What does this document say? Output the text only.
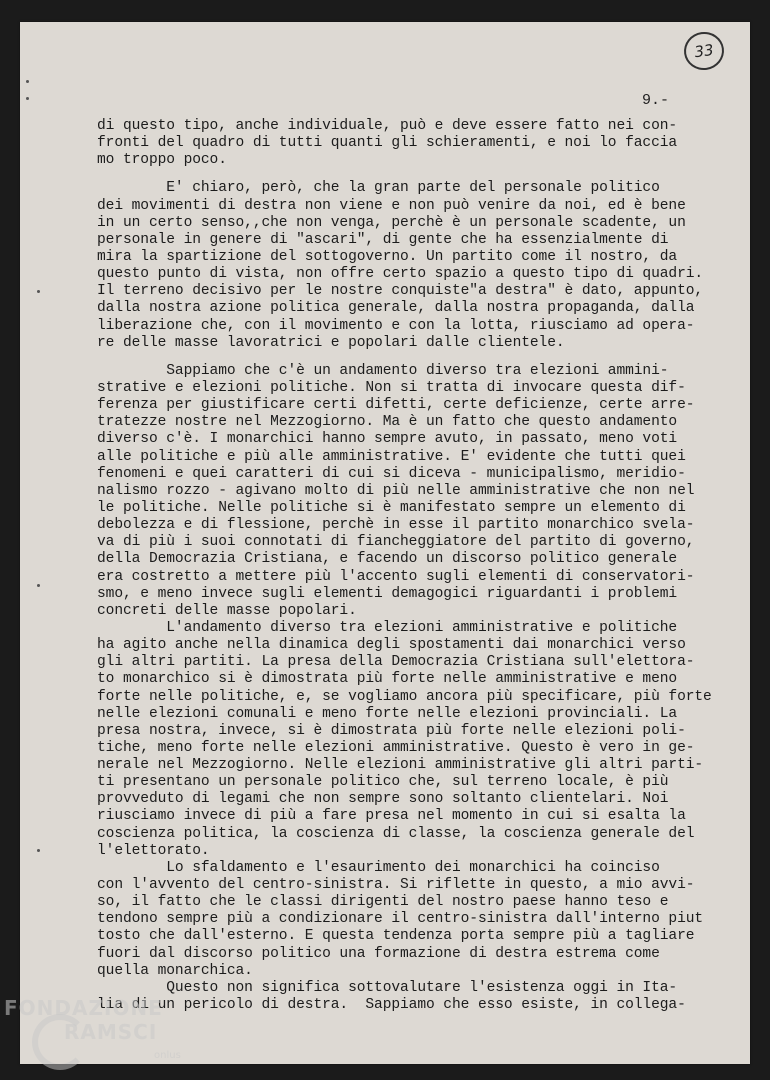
33
9.-
di questo tipo, anche individuale, può e deve essere fatto nei con-
fronti del quadro di tutti quanti gli schieramenti, e noi lo faccia
mo troppo poco.
E' chiaro, però, che la gran parte del personale politico
dei movimenti di destra non viene e non può venire da noi, ed è bene
in un certo senso,,che non venga, perchè è un personale scadente, un
personale in genere di "ascari", di gente che ha essenzialmente di
mira la spartizione del sottogoverno. Un partito come il nostro, da
questo punto di vista, non offre certo spazio a questo tipo di quadri.
Il terreno decisivo per le nostre conquiste"a destra" è dato, appunto,
dalla nostra azione politica generale, dalla nostra propaganda, dalla
liberazione che, con il movimento e con la lotta, riusciamo ad opera-
re delle masse lavoratrici e popolari dalle clientele.
Sappiamo che c'è un andamento diverso tra elezioni ammini-
strative e elezioni politiche. Non si tratta di invocare questa dif-
ferenza per giustificare certi difetti, certe deficienze, certe arre-
tratezze nostre nel Mezzogiorno. Ma è un fatto che questo andamento
diverso c'è. I monarchici hanno sempre avuto, in passato, meno voti
alle politiche e più alle amministrative. E' evidente che tutti quei
fenomeni e quei caratteri di cui si diceva - municipalismo, meridio-
nalismo rozzo - agivano molto di più nelle amministrative che non nel
le politiche. Nelle politiche si è manifestato sempre un elemento di
debolezza e di flessione, perchè in esse il partito monarchico svela-
va di più i suoi connotati di fiancheggiatore del partito di governo,
della Democrazia Cristiana, e facendo un discorso politico generale
era costretto a mettere più l'accento sugli elementi di conservatori-
smo, e meno invece sugli elementi demagogici riguardanti i problemi
concreti delle masse popolari.
L'andamento diverso tra elezioni amministrative e politiche
ha agito anche nella dinamica degli spostamenti dai monarchici verso
gli altri partiti. La presa della Democrazia Cristiana sull'elettora-
to monarchico si è dimostrata più forte nelle amministrative e meno
forte nelle politiche, e, se vogliamo ancora più specificare, più forte
nelle elezioni comunali e meno forte nelle elezioni provinciali. La
presa nostra, invece, si è dimostrata più forte nelle elezioni poli-
tiche, meno forte nelle elezioni amministrative. Questo è vero in ge-
nerale nel Mezzogiorno. Nelle elezioni amministrative gli altri parti-
ti presentano un personale politico che, sul terreno locale, è più
provveduto di legami che non sempre sono soltanto clientelari. Noi
riusciamo invece di più a fare presa nel momento in cui si esalta la
coscienza politica, la coscienza di classe, la coscienza generale del
l'elettorato.
Lo sfaldamento e l'esaurimento dei monarchici ha coinciso
con l'avvento del centro-sinistra. Si riflette in questo, a mio avvi-
so, il fatto che le classi dirigenti del nostro paese hanno teso e
tendono sempre più a condizionare il centro-sinistra dall'interno piut
tosto che dall'esterno. E questa tendenza porta sempre più a tagliare
fuori dal discorso politico una formazione di destra estrema come
quella monarchica.
Questo non significa sottovalutare l'esistenza oggi in Ita-
lia di un pericolo di destra.  Sappiamo che esso esiste, in collega-
FONDAZIONE
RAMSCI
onlus
